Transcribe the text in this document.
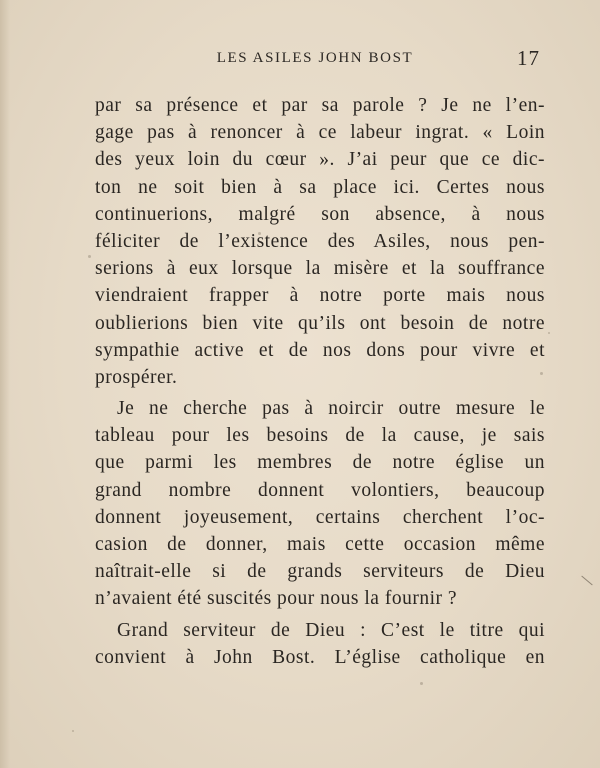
LES ASILES JOHN BOST	17
par sa présence et par sa parole ? Je ne l’en-
gage pas à renoncer à ce labeur ingrat. « Loin
des yeux loin du cœur ». J’ai peur que ce dic-
ton ne soit bien à sa place ici. Certes nous
continuerions, malgré son absence, à nous
féliciter de l’existence des Asiles, nous pen-
serions à eux lorsque la misère et la souffrance
viendraient frapper à notre porte mais nous
oublierions bien vite qu’ils ont besoin de notre
sympathie active et de nos dons pour vivre et
prospérer.
Je ne cherche pas à noircir outre mesure le
tableau pour les besoins de la cause, je sais
que parmi les membres de notre église un
grand nombre donnent volontiers, beaucoup
donnent joyeusement, certains cherchent l’oc-
casion de donner, mais cette occasion même
naîtrait-elle si de grands serviteurs de Dieu
n’avaient été suscités pour nous la fournir ?
Grand serviteur de Dieu : C’est le titre qui
convient à John Bost. L’église catholique en
